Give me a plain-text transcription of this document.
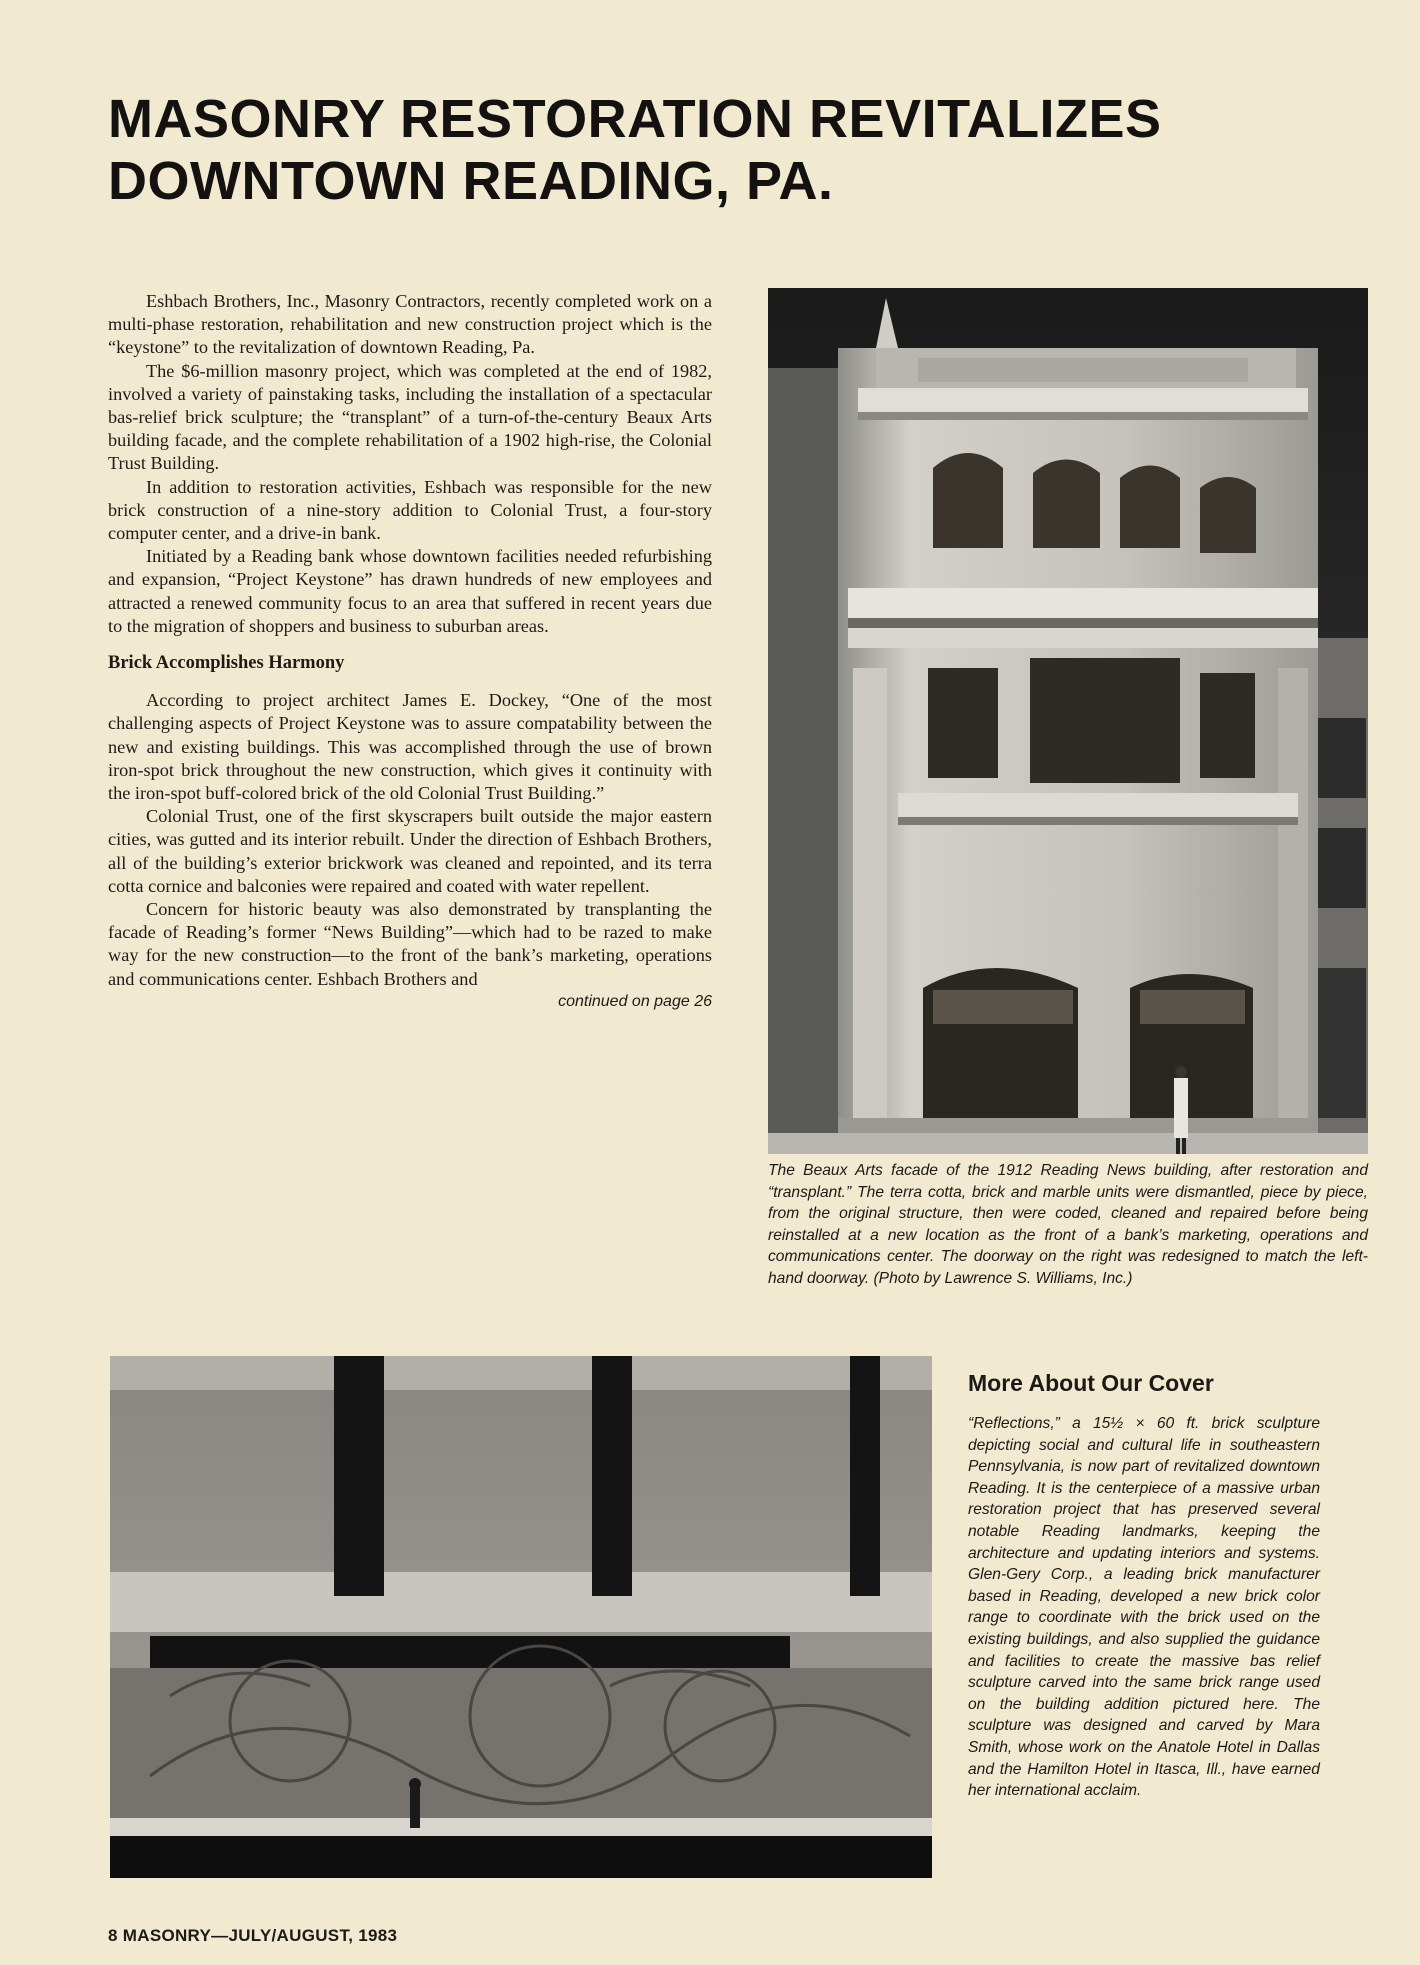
MASONRY RESTORATION REVITALIZES
DOWNTOWN READING, PA.

Eshbach Brothers, Inc., Masonry Contractors, recently completed work on a multi-phase restoration, rehabilitation and new construction project which is the “keystone” to the revitalization of downtown Reading, Pa.

The $6-million masonry project, which was completed at the end of 1982, involved a variety of painstaking tasks, including the installation of a spectacular bas-relief brick sculpture; the “transplant” of a turn-of-the-century Beaux Arts building facade, and the complete rehabilitation of a 1902 high-rise, the Colonial Trust Building.

In addition to restoration activities, Eshbach was responsible for the new brick construction of a nine-story addition to Colonial Trust, a four-story computer center, and a drive-in bank.

Initiated by a Reading bank whose downtown facilities needed refurbishing and expansion, “Project Keystone” has drawn hundreds of new employees and attracted a renewed community focus to an area that suffered in recent years due to the migration of shoppers and business to suburban areas.

Brick Accomplishes Harmony

According to project architect James E. Dockey, “One of the most challenging aspects of Project Keystone was to assure compatability between the new and existing buildings. This was accomplished through the use of brown iron-spot brick throughout the new construction, which gives it continuity with the iron-spot buff-colored brick of the old Colonial Trust Building.”

Colonial Trust, one of the first skyscrapers built outside the major eastern cities, was gutted and its interior rebuilt. Under the direction of Eshbach Brothers, all of the building’s exterior brickwork was cleaned and repointed, and its terra cotta cornice and balconies were repaired and coated with water repellent.

Concern for historic beauty was also demonstrated by transplanting the facade of Reading’s former “News Building”—which had to be razed to make way for the new construction—to the front of the bank’s marketing, operations and communications center. Eshbach Brothers and

continued on page 26

The Beaux Arts facade of the 1912 Reading News building, after restoration and “transplant.” The terra cotta, brick and marble units were dismantled, piece by piece, from the original structure, then were coded, cleaned and repaired before being reinstalled at a new location as the front of a bank’s marketing, operations and communications center. The doorway on the right was redesigned to match the left-hand doorway. (Photo by Lawrence S. Williams, Inc.)

More About Our Cover

“Reflections,” a 15½ × 60 ft. brick sculpture depicting social and cultural life in southeastern Pennsylvania, is now part of revitalized downtown Reading. It is the centerpiece of a massive urban restoration project that has preserved several notable Reading landmarks, keeping the architecture and updating interiors and systems. Glen-Gery Corp., a leading brick manufacturer based in Reading, developed a new brick color range to coordinate with the brick used on the existing buildings, and also supplied the guidance and facilities to create the massive bas relief sculpture carved into the same brick range used on the building addition pictured here. The sculpture was designed and carved by Mara Smith, whose work on the Anatole Hotel in Dallas and the Hamilton Hotel in Itasca, Ill., have earned her international acclaim.

8 MASONRY—JULY/AUGUST, 1983
